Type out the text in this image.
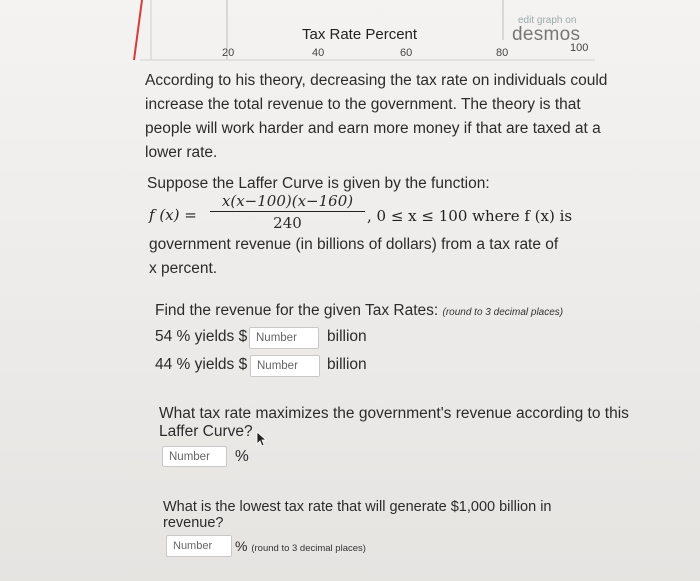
Tax Rate Percent
20	40	60	80	100
edit graph on
desmos
According to his theory, decreasing the tax rate on individuals could
increase the total revenue to the government. The theory is that
people will work harder and earn more money if that are taxed at a
lower rate.
Suppose the Laffer Curve is given by the function:
f (x) =
x(x−100)(x−160)
240	, 0 ≤ x ≤ 100 where f (x) is
government revenue (in billions of dollars) from a tax rate of
x percent.
Find the revenue for the given Tax Rates: (round to 3 decimal places)
54 % yields $ Number	billion
44 % yields $ Number	billion
What tax rate maximizes the government's revenue according to this
Laffer Curve?
Number	%
What is the lowest tax rate that will generate $1,000 billion in
revenue?
Number	% (round to 3 decimal places)
